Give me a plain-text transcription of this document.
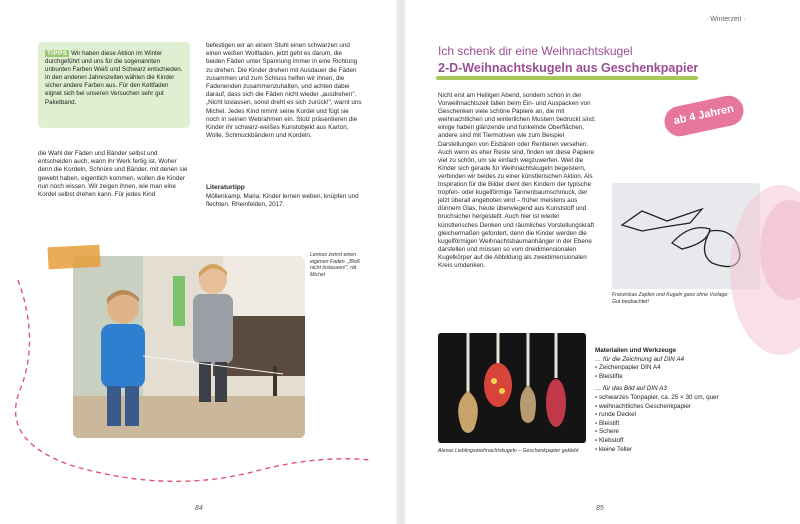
TIPPS Wir haben diese Aktion im Winter durchgeführt und uns für die sogenannten unbunten Farben Weiß und Schwarz entschieden. In den anderen Jahreszeiten wählen die Kinder sicher andere Farben aus. Für den Kettfaden eignet sich bei unseren Versuchen sehr gut Paketband.

die Wahl der Fäden und Bänder selbst und entscheiden auch, wann ihr Werk fertig ist. Woher denn die Kordeln, Schnüre und Bänder, mit denen sie gewebt haben, eigentlich kommen, wollen die Kinder nun noch wissen. Wir zeigen ihnen, wie man eine Kordel selbst drehen kann. Für jedes Kind

befestigen wir an einem Stuhl einen schwarzen und einen weißen Wollfaden, jetzt geht es darum, die beiden Fäden unter Spannung immer in eine Richtung zu drehen. Die Kinder drehen mit Ausdauer die Fäden zusammen und zum Schluss helfen wir ihnen, die Fadenenden zusammenzuhalten, und achten dabei darauf, dass sich die Fäden nicht wieder „ausdrehen". „Nicht loslassen, sonst dreht es sich zurück!", warnt uns Michel. Jedes Kind nimmt seine Kordel und fügt sie noch in seinen Webrahmen ein. Stolz präsentieren die Kinder ihr schwarz-weißes Kunstobjekt aus Karton, Wolle, Schmuckbändern und Kordeln.

Literaturtipp

Möllenkamp, Maria: Kinder lernen weben, knüpfen und flechten. Rheinfelden, 2017.

Lennox zwirnt einen eigenen Faden. „Bloß nicht loslassen!", rät Michel

84
· Winterzeit ·
Ich schenk dir eine Weihnachtskugel
2-D-Weihnachtskugeln aus Geschenkpapier
ab 4 Jahren

Nicht erst am Heiligen Abend, sondern schon in der Vorweihnachtszeit fallen beim Ein- und Auspacken von Geschenken viele schöne Papiere an, die mit weihnachtlichen und winterlichen Mustern bedruckt sind; einige haben glänzende und funkelnde Oberflächen, andere sind mit Tiermotiven wie zum Beispiel Darstellungen von Eisbären oder Rentieren versehen. Auch wenn es eher Reste sind, finden wir diese Papiere viel zu schön, um sie einfach wegzuwerfen. Weil die Kinder sich gerade für Weihnachtskugeln begeistern, verbinden wir beides zu einer künstlerischen Aktion. Als Inspiration für die Bilder dient den Kindern der typische tropfen- oder kugelförmige Tannenbaumschmuck, der jetzt überall angeboten wird – früher meistens aus dünnem Glas, heute überwiegend aus Kunststoff und bruchsicher hergestellt. Auch hier ist wieder künstlerisches Denken und räumliches Vorstellungskraft gleichermaßen gefordert, denn die Kinder werden die kugelförmigen Weihnachtsbaumanhänger in der Ebene darstellen und müssen so vom dreidimensionalen Kugelkörper auf die Abbildung als zweidimensionalen Kreis umdenken.

Franziskas Zapfen und Kugeln ganz ohne Vorlage: Gut beobachtet!

Alexas Lieblingsweihnachtskugeln – Geschenkpapier geklebt

Materialien und Werkzeuge
… für die Zeichnung auf DIN A4
• Zeichenpapier DIN A4
• Bleistifte
… für das Bild auf DIN A3
• schwarzes Tonpapier, ca. 25 × 30 cm, quer
• weihnachtliches Geschenkpapier
• runde Deckel
• Bleistift
• Schere
• Klebstoff
• kleine Teller
85
